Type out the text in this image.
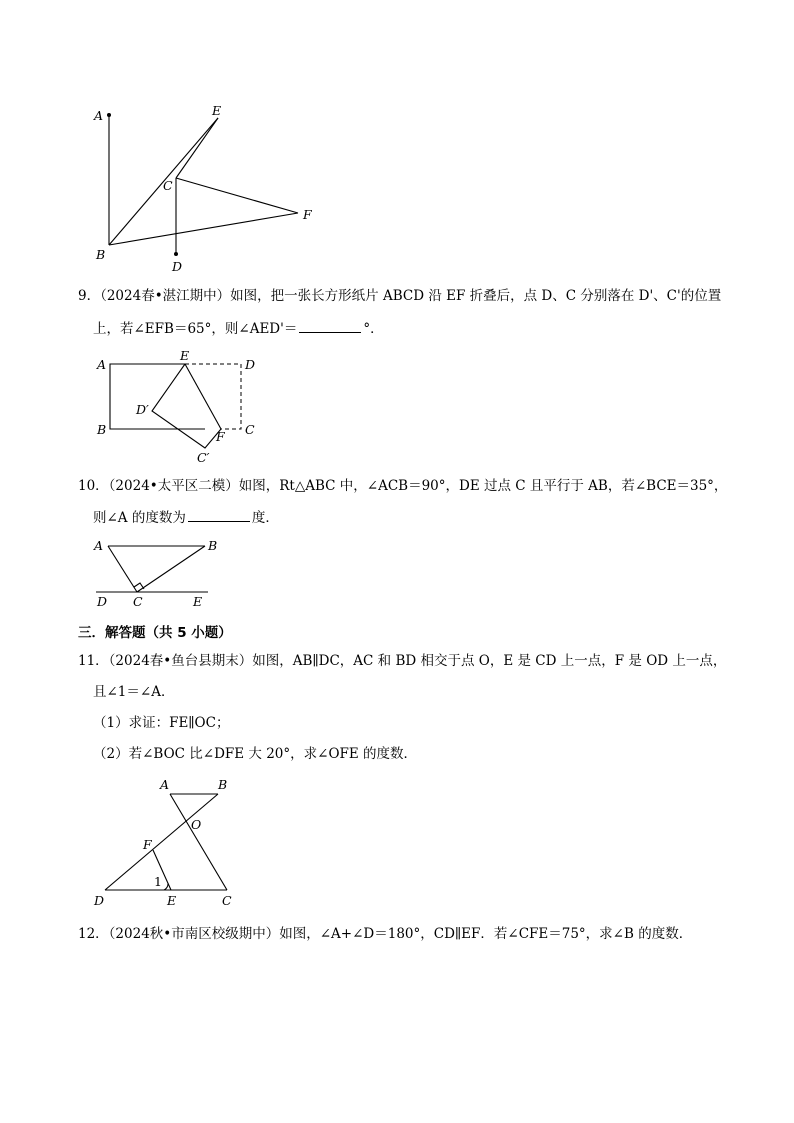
A
B
C
D
E
F
9．（2024春•湛江期中）如图，把一张长方形纸片 ABCD 沿 EF 折叠后，点 D、C 分别落在 D'、C'的位置
上，若∠EFB＝65°，则∠AED'＝	°．
A
B
E
D
D′
C
F
C′
10．（2024•太平区二模）如图，Rt△ABC 中，∠ACB＝90°，DE 过点 C 且平行于 AB，若∠BCE＝35°，
则∠A 的度数为	度．
A	B
D C	E
三．解答题（共 5 小题）
11．（2024春•鱼台县期末）如图，AB∥DC，AC 和 BD 相交于点 O，E 是 CD 上一点，F 是 OD 上一点，
且∠1＝∠A．
（1）求证：FE∥OC；
（2）若∠BOC 比∠DFE 大 20°，求∠OFE 的度数．
A	B
O
F
1
D	E	C
12．（2024秋•市南区校级期中）如图，∠A+∠D＝180°，CD∥EF．若∠CFE＝75°，求∠B 的度数．
